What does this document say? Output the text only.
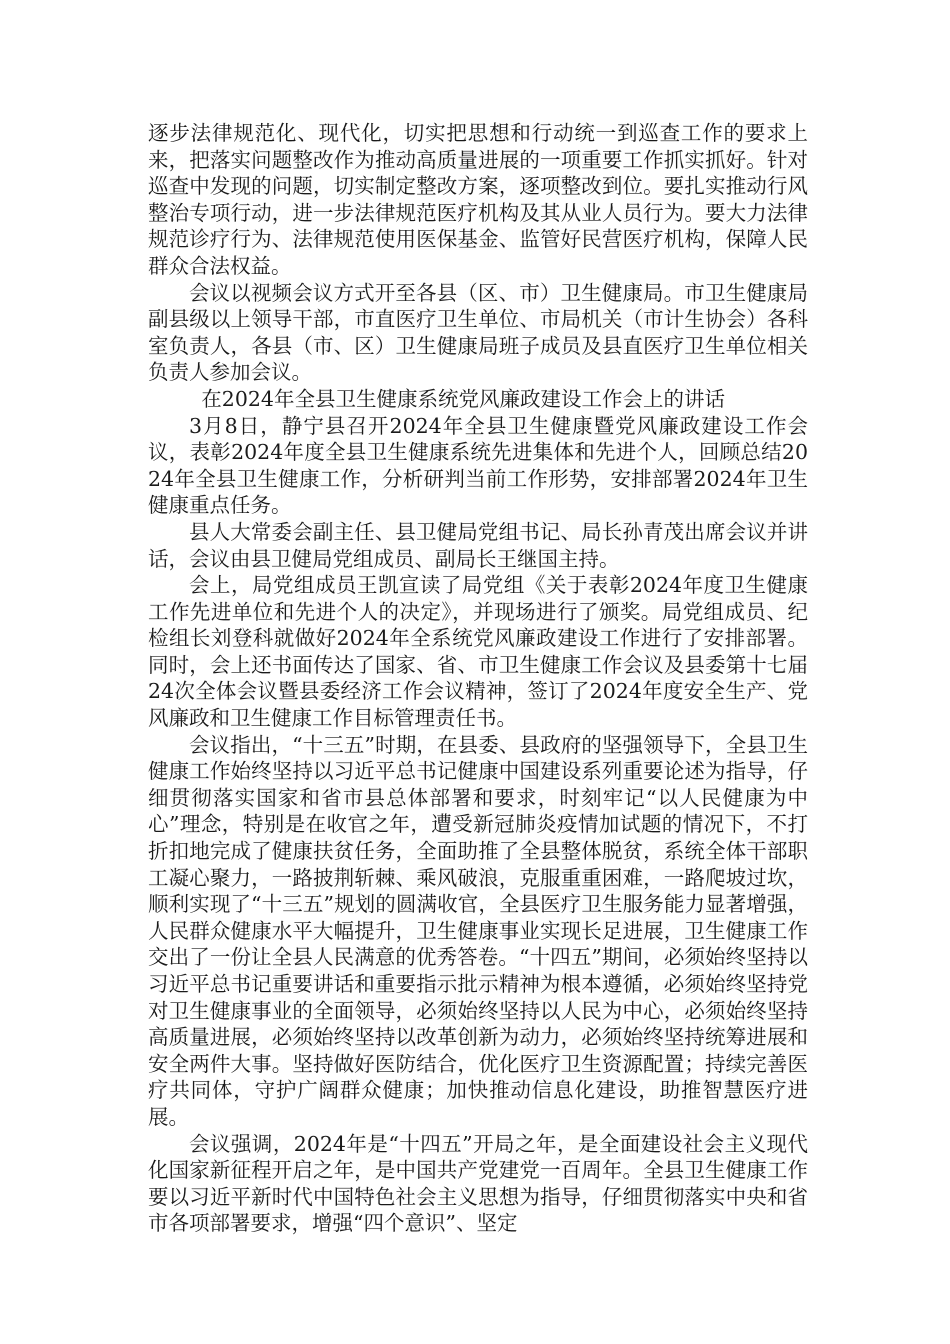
逐步法律规范化、现代化，切实把思想和行动统一到巡查工作的要求上来，把落实问题整改作为推动高质量进展的一项重要工作抓实抓好。针对巡查中发现的问题，切实制定整改方案，逐项整改到位。要扎实推动行风整治专项行动，进一步法律规范医疗机构及其从业人员行为。要大力法律规范诊疗行为、法律规范使用医保基金、监管好民营医疗机构，保障人民群众合法权益。

会议以视频会议方式开至各县（区、市）卫生健康局。市卫生健康局副县级以上领导干部，市直医疗卫生单位、市局机关（市计生协会）各科室负责人，各县（市、区）卫生健康局班子成员及县直医疗卫生单位相关负责人参加会议。

在2024年全县卫生健康系统党风廉政建设工作会上的讲话

3月8日，静宁县召开2024年全县卫生健康暨党风廉政建设工作会议，表彰2024年度全县卫生健康系统先进集体和先进个人，回顾总结2024年全县卫生健康工作，分析研判当前工作形势，安排部署2024年卫生健康重点任务。

县人大常委会副主任、县卫健局党组书记、局长孙青茂出席会议并讲话，会议由县卫健局党组成员、副局长王继国主持。

会上，局党组成员王凯宣读了局党组《关于表彰2024年度卫生健康工作先进单位和先进个人的决定》，并现场进行了颁奖。局党组成员、纪检组长刘登科就做好2024年全系统党风廉政建设工作进行了安排部署。同时，会上还书面传达了国家、省、市卫生健康工作会议及县委第十七届24次全体会议暨县委经济工作会议精神，签订了2024年度安全生产、党风廉政和卫生健康工作目标管理责任书。

会议指出，“十三五”时期，在县委、县政府的坚强领导下，全县卫生健康工作始终坚持以习近平总书记健康中国建设系列重要论述为指导，仔细贯彻落实国家和省市县总体部署和要求，时刻牢记“以人民健康为中心”理念，特别是在收官之年，遭受新冠肺炎疫情加试题的情况下，不打折扣地完成了健康扶贫任务，全面助推了全县整体脱贫，系统全体干部职工凝心聚力，一路披荆斩棘、乘风破浪，克服重重困难，一路爬坡过坎，顺利实现了“十三五”规划的圆满收官，全县医疗卫生服务能力显著增强，人民群众健康水平大幅提升，卫生健康事业实现长足进展，卫生健康工作交出了一份让全县人民满意的优秀答卷。“十四五”期间，必须始终坚持以习近平总书记重要讲话和重要指示批示精神为根本遵循，必须始终坚持党对卫生健康事业的全面领导，必须始终坚持以人民为中心，必须始终坚持高质量进展，必须始终坚持以改革创新为动力，必须始终坚持统筹进展和安全两件大事。坚持做好医防结合，优化医疗卫生资源配置；持续完善医疗共同体，守护广阔群众健康；加快推动信息化建设，助推智慧医疗进展。

会议强调，2024年是“十四五”开局之年，是全面建设社会主义现代化国家新征程开启之年，是中国共产党建党一百周年。全县卫生健康工作要以习近平新时代中国特色社会主义思想为指导，仔细贯彻落实中央和省市各项部署要求，增强“四个意识”、坚定
